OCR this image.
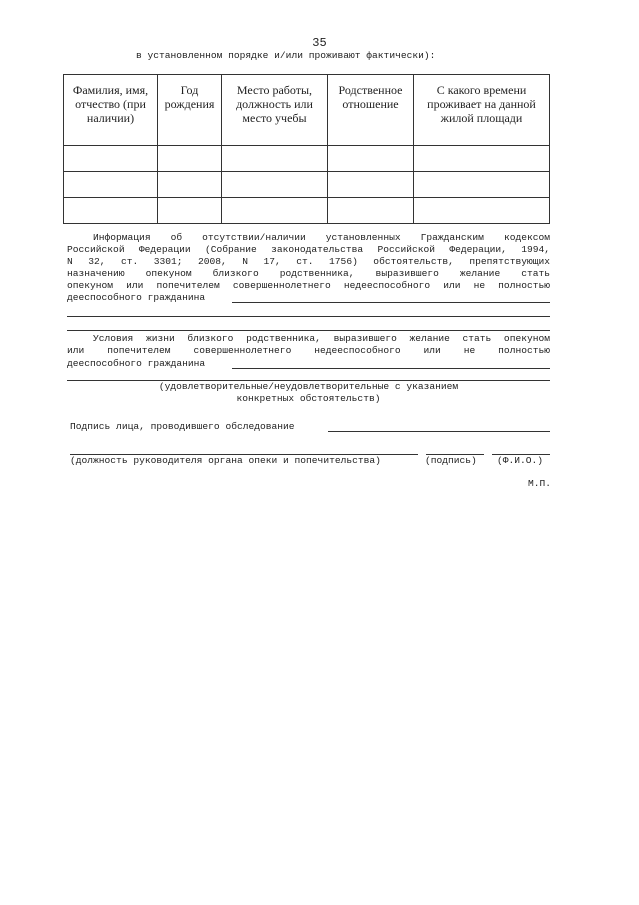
35
в установленном порядке и/или проживают фактически):
Фамилия, имя, отчество (при наличии)	Год рождения	Место работы, должность или место учебы	Родственное отношение	С какого времени проживает на данной жилой площади

Информация об отсутствии/наличии установленных Гражданским кодексом
Российской Федерации (Собрание законодательства Российской Федерации, 1994,
N 32, ст. 3301; 2008, N 17, ст. 1756) обстоятельств, препятствующих
назначению опекуном близкого родственника, выразившего желание стать
опекуном или попечителем совершеннолетнего недееспособного или не полностью
дееспособного гражданина
Условия жизни близкого родственника, выразившего желание стать опекуном
или попечителем совершеннолетнего недееспособного или не полностью
дееспособного гражданина
(удовлетворительные/неудовлетворительные с указанием
конкретных обстоятельств)
Подпись лица, проводившего обследование
(должность руководителя органа опеки и попечительства)	(подпись) (Ф.И.О.)
М.П.
